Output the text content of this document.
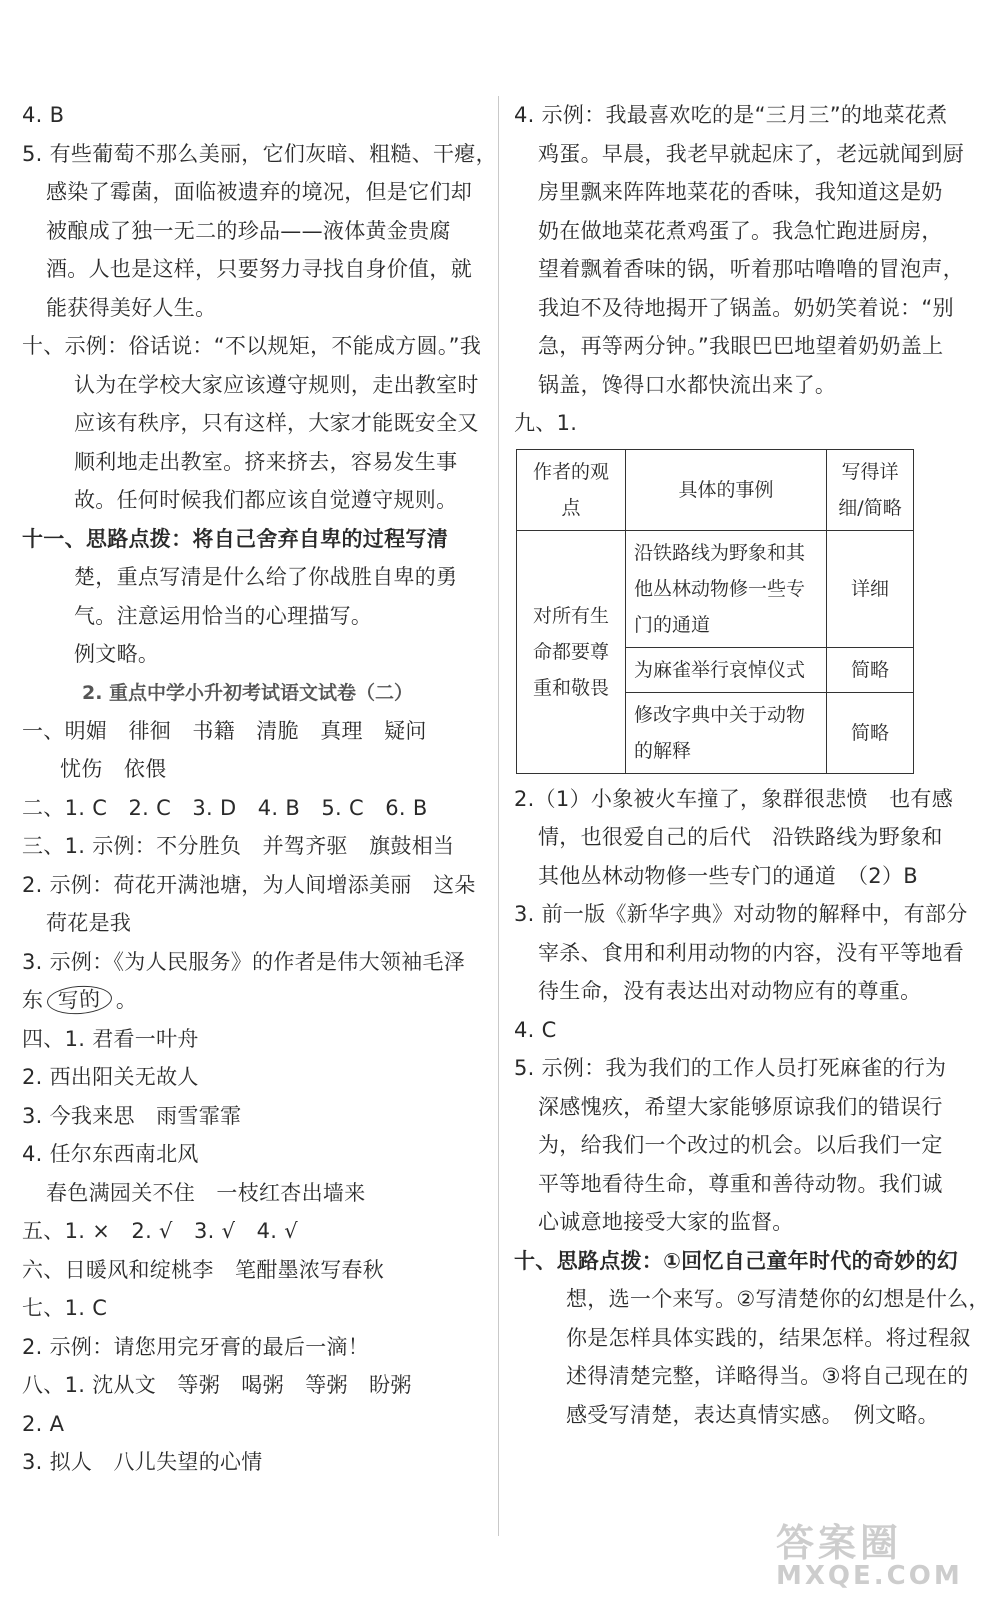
4. B
5. 有些葡萄不那么美丽，它们灰暗、粗糙、干瘪，
感染了霉菌，面临被遗弃的境况，但是它们却
被酿成了独一无二的珍品——液体黄金贵腐
酒。人也是这样，只要努力寻找自身价值，就
能获得美好人生。
十、示例：俗话说：“不以规矩，不能成方圆。”我
认为在学校大家应该遵守规则，走出教室时
应该有秩序，只有这样，大家才能既安全又
顺利地走出教室。挤来挤去，容易发生事
故。任何时候我们都应该自觉遵守规则。
十一、思路点拨：将自己舍弃自卑的过程写清
楚，重点写清是什么给了你战胜自卑的勇
气。注意运用恰当的心理描写。
例文略。
2. 重点中学小升初考试语文试卷（二）
一、明媚　徘徊　书籍　清脆　真理　疑问
忧伤　依偎
二、1. C　2. C　3. D　4. B　5. C　6. B
三、1. 示例：不分胜负　并驾齐驱　旗鼓相当
2. 示例：荷花开满池塘，为人间增添美丽　这朵
荷花是我
3. 示例：《为人民服务》的作者是伟大领袖毛泽
东 写的 。
四、1. 君看一叶舟
2. 西出阳关无故人
3. 今我来思　雨雪霏霏
4. 任尔东西南北风
春色满园关不住　一枝红杏出墙来
五、1. ×　2. √　3. √　4. √
六、日暖风和绽桃李　笔酣墨浓写春秋
七、1. C
2. 示例：请您用完牙膏的最后一滴！
八、1. 沈从文　等粥　喝粥　等粥　盼粥
2. A
3. 拟人　八儿失望的心情
4. 示例：我最喜欢吃的是“三月三”的地菜花煮
鸡蛋。早晨，我老早就起床了，老远就闻到厨
房里飘来阵阵地菜花的香味，我知道这是奶
奶在做地菜花煮鸡蛋了。我急忙跑进厨房，
望着飘着香味的锅，听着那咕噜噜的冒泡声，
我迫不及待地揭开了锅盖。奶奶笑着说：“别
急，再等两分钟。”我眼巴巴地望着奶奶盖上
锅盖，馋得口水都快流出来了。
九、1.
作者的观点	具体的事例	写得详细/简略
对所有生命都要尊重和敬畏	沿铁路线为野象和其他丛林动物修一些专门的通道	详细
	为麻雀举行哀悼仪式	简略
	修改字典中关于动物的解释	简略
2.（1）小象被火车撞了，象群很悲愤　也有感
情，也很爱自己的后代　沿铁路线为野象和
其他丛林动物修一些专门的通道　（2）B
3. 前一版《新华字典》对动物的解释中，有部分
宰杀、食用和利用动物的内容，没有平等地看
待生命，没有表达出对动物应有的尊重。
4. C
5. 示例：我为我们的工作人员打死麻雀的行为
深感愧疚，希望大家能够原谅我们的错误行
为，给我们一个改过的机会。以后我们一定
平等地看待生命，尊重和善待动物。我们诚
心诚意地接受大家的监督。
十、思路点拨：①回忆自己童年时代的奇妙的幻
想，选一个来写。②写清楚你的幻想是什么，
你是怎样具体实践的，结果怎样。将过程叙
述得清楚完整，详略得当。③将自己现在的
感受写清楚，表达真情实感。　例文略。
答案圈
MXQE.COM
